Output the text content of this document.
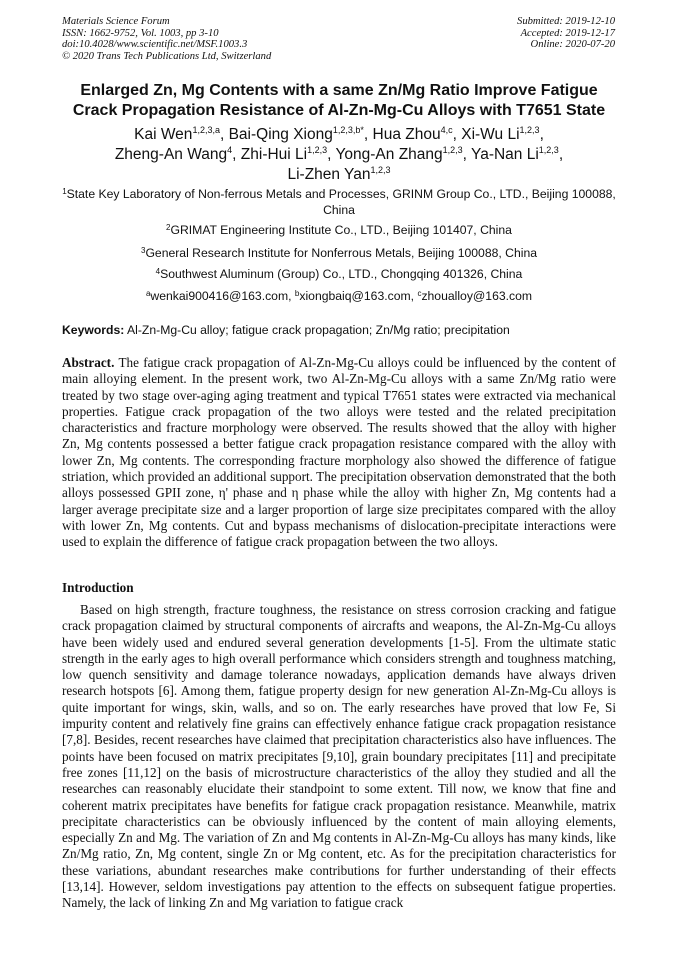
Materials Science Forum
ISSN: 1662-9752, Vol. 1003, pp 3-10
doi:10.4028/www.scientific.net/MSF.1003.3
© 2020 Trans Tech Publications Ltd, Switzerland
Submitted: 2019-12-10
Accepted: 2019-12-17
Online: 2020-07-20
Enlarged Zn, Mg Contents with a same Zn/Mg Ratio Improve Fatigue Crack Propagation Resistance of Al-Zn-Mg-Cu Alloys with T7651 State
Kai Wen$^{1,2,3,a}$, Bai-Qing Xiong$^{1,2,3,b*}$, Hua Zhou$^{4,c}$, Xi-Wu Li$^{1,2,3}$,
Zheng-An Wang$^4$, Zhi-Hui Li$^{1,2,3}$, Yong-An Zhang$^{1,2,3}$, Ya-Nan Li$^{1,2,3}$,
Li-Zhen Yan$^{1,2,3}$
$^1$State Key Laboratory of Non-ferrous Metals and Processes, GRINM Group Co., LTD., Beijing 100088, China
$^2$GRIMAT Engineering Institute Co., LTD., Beijing 101407, China
$^3$General Research Institute for Nonferrous Metals, Beijing 100088, China
$^4$Southwest Aluminum (Group) Co., LTD., Chongqing 401326, China
$^a$wenkai900416@163.com, $^b$xiongbaiq@163.com, $^c$zhoualloy@163.com
Keywords: Al-Zn-Mg-Cu alloy; fatigue crack propagation; Zn/Mg ratio; precipitation
Abstract. The fatigue crack propagation of Al-Zn-Mg-Cu alloys could be influenced by the content of main alloying element. In the present work, two Al-Zn-Mg-Cu alloys with a same Zn/Mg ratio were treated by two stage over-aging aging treatment and typical T7651 states were extracted via mechanical properties. Fatigue crack propagation of the two alloys were tested and the related precipitation characteristics and fracture morphology were observed. The results showed that the alloy with higher Zn, Mg contents possessed a better fatigue crack propagation resistance compared with the alloy with lower Zn, Mg contents. The corresponding fracture morphology also showed the difference of fatigue striation, which provided an additional support. The precipitation observation demonstrated that the both alloys possessed GPII zone, η' phase and η phase while the alloy with higher Zn, Mg contents had a larger average precipitate size and a larger proportion of large size precipitates compared with the alloy with lower Zn, Mg contents. Cut and bypass mechanisms of dislocation-precipitate interactions were used to explain the difference of fatigue crack propagation between the two alloys.
Introduction
Based on high strength, fracture toughness, the resistance on stress corrosion cracking and fatigue crack propagation claimed by structural components of aircrafts and weapons, the Al-Zn-Mg-Cu alloys have been widely used and endured several generation developments [1-5]. From the ultimate static strength in the early ages to high overall performance which considers strength and toughness matching, low quench sensitivity and damage tolerance nowadays, application demands have always driven research hotspots [6]. Among them, fatigue property design for new generation Al-Zn-Mg-Cu alloys is quite important for wings, skin, walls, and so on. The early researches have proved that low Fe, Si impurity content and relatively fine grains can effectively enhance fatigue crack propagation resistance [7,8]. Besides, recent researches have claimed that precipitation characteristics also have influences. The points have been focused on matrix precipitates [9,10], grain boundary precipitates [11] and precipitate free zones [11,12] on the basis of microstructure characteristics of the alloy they studied and all the researches can reasonably elucidate their standpoint to some extent. Till now, we know that fine and coherent matrix precipitates have benefits for fatigue crack propagation resistance. Meanwhile, matrix precipitate characteristics can be obviously influenced by the content of main alloying elements, especially Zn and Mg. The variation of Zn and Mg contents in Al-Zn-Mg-Cu alloys has many kinds, like Zn/Mg ratio, Zn, Mg content, single Zn or Mg content, etc. As for the precipitation characteristics for these variations, abundant researches make contributions for further understanding of their effects [13,14]. However, seldom investigations pay attention to the effects on subsequent fatigue properties. Namely, the lack of linking Zn and Mg variation to fatigue crack
